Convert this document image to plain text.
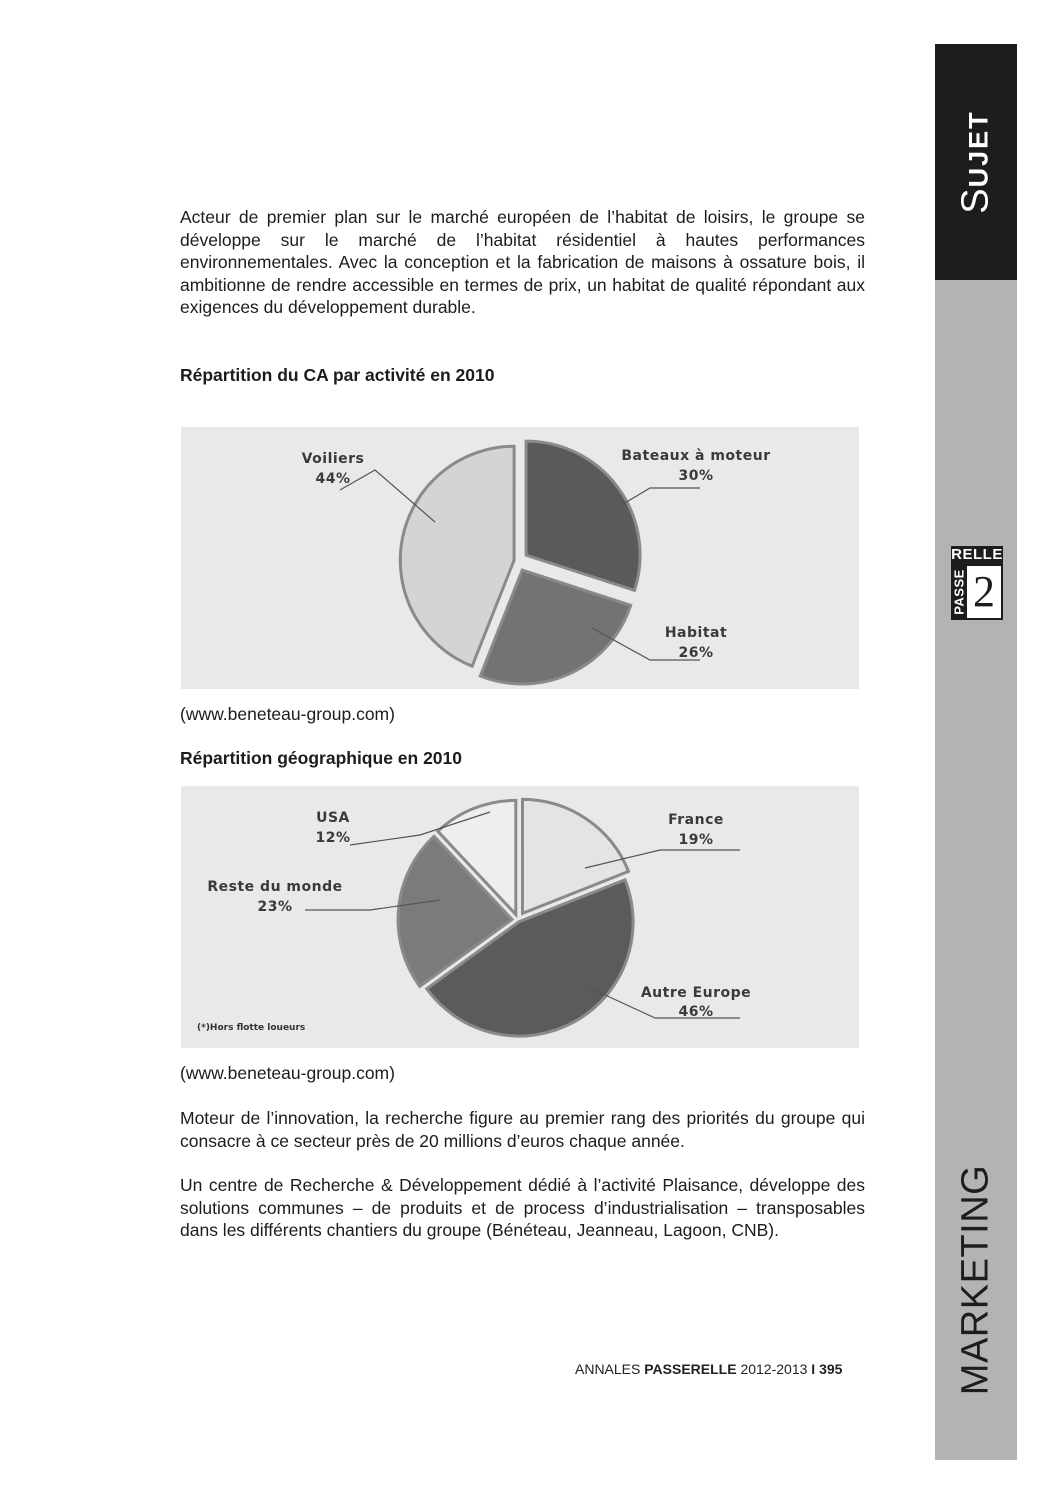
SUJET
RELLE
PASSE 2
MARKETING

Acteur de premier plan sur le marché européen de l’habitat de loisirs, le groupe se développe sur le marché de l’habitat résidentiel à hautes performances environnementales. Avec la conception et la fabrication de maisons à ossature bois, il ambitionne de rendre accessible en termes de prix, un habitat de qualité répondant aux exigences du développement durable.

Répartition du CA par activité en 2010

Voiliers
44%
Bateaux à moteur
30%
Habitat
26%

(www.beneteau-group.com)

Répartition géographique en 2010

France
19%
Autre Europe
46%
Reste du monde
23%
USA
12%
(*)Hors flotte loueurs

(www.beneteau-group.com)

Moteur de l’innovation, la recherche figure au premier rang des priorités du groupe qui consacre à ce secteur près de 20 millions d’euros chaque année.

Un centre de Recherche & Développement dédié à l’activité Plaisance, développe des solutions communes – de produits et de process d’industrialisation – transposables dans les différents chantiers du groupe (Bénéteau, Jeanneau, Lagoon, CNB).

ANNALES PASSERELLE 2012-2013 I 395
